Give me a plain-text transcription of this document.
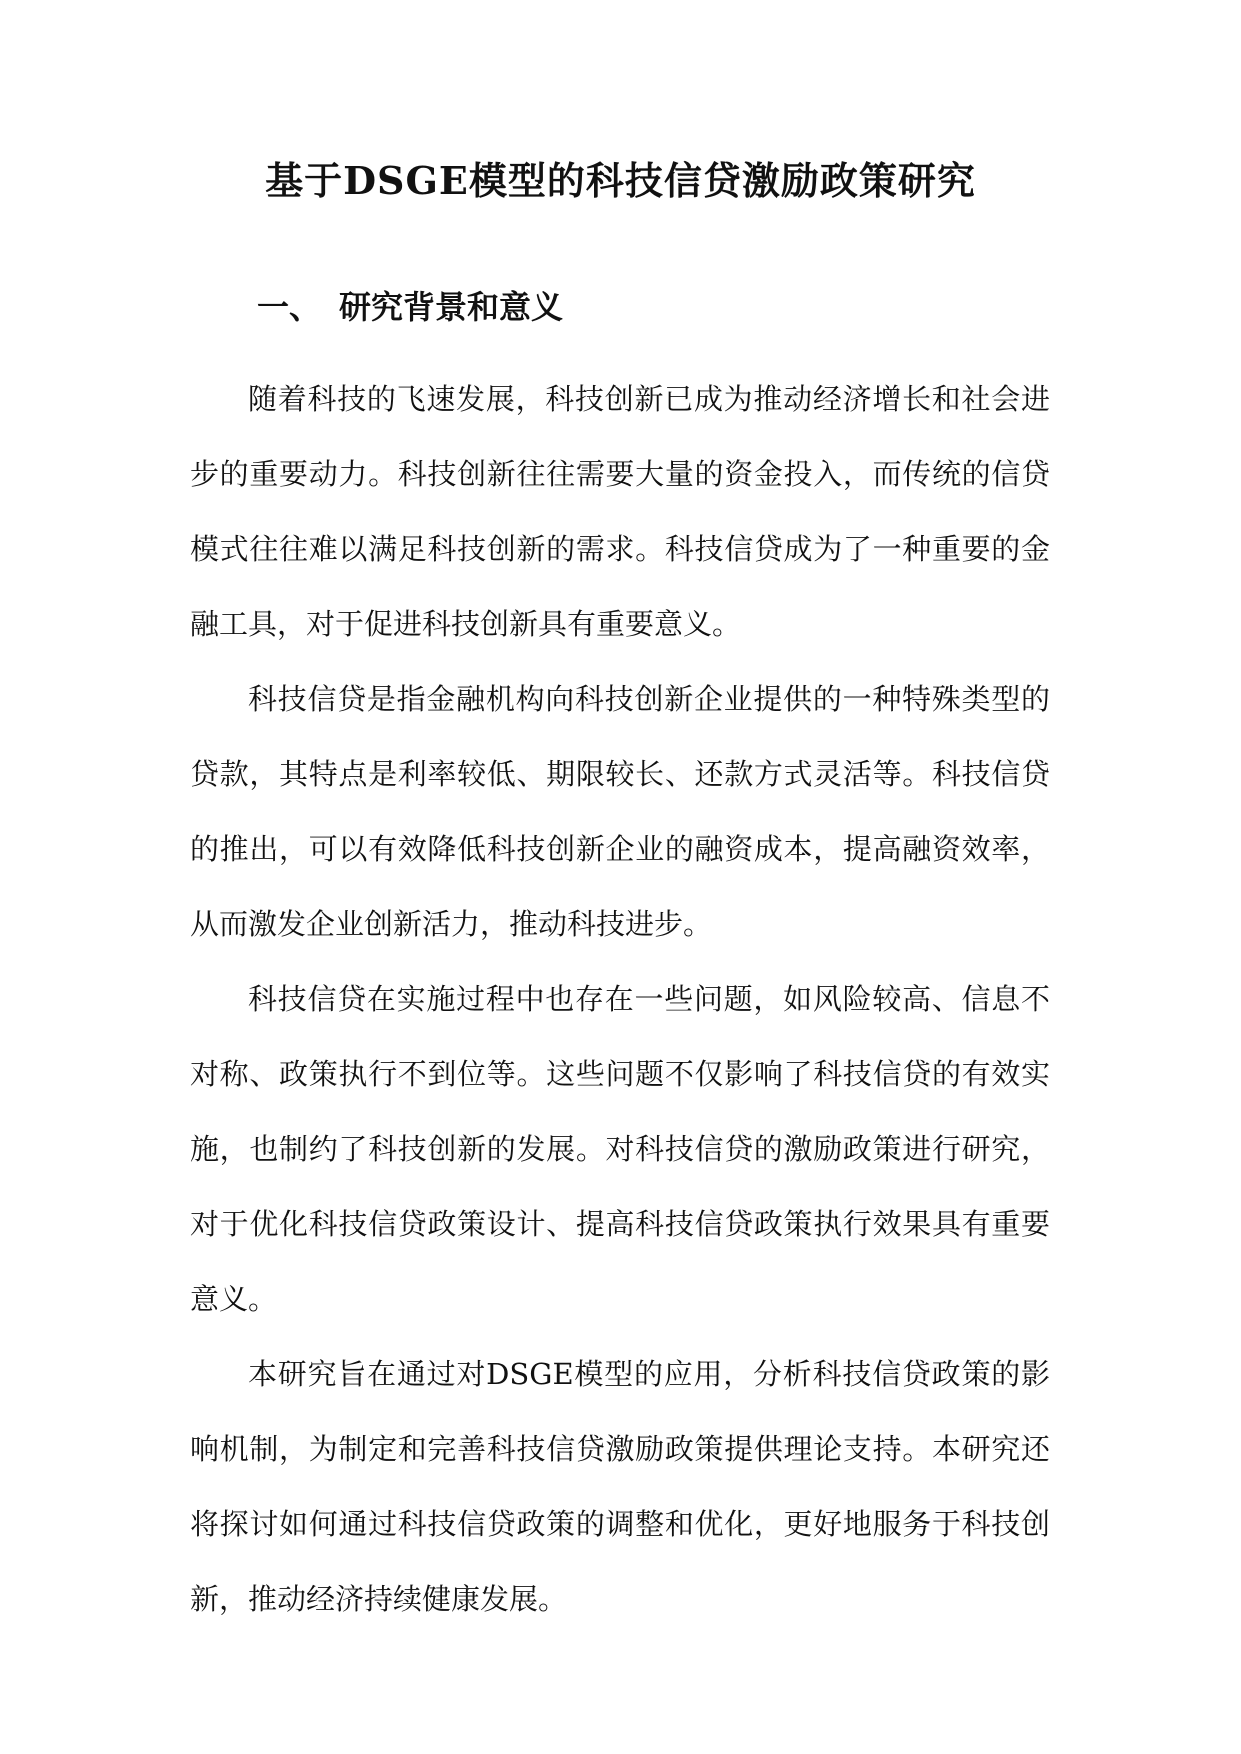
基于DSGE模型的科技信贷激励政策研究
一、 研究背景和意义

随着科技的飞速发展，科技创新已成为推动经济增长和社会进步的重要动力。科技创新往往需要大量的资金投入，而传统的信贷模式往往难以满足科技创新的需求。科技信贷成为了一种重要的金融工具，对于促进科技创新具有重要意义。

科技信贷是指金融机构向科技创新企业提供的一种特殊类型的贷款，其特点是利率较低、期限较长、还款方式灵活等。科技信贷的推出，可以有效降低科技创新企业的融资成本，提高融资效率，从而激发企业创新活力，推动科技进步。

科技信贷在实施过程中也存在一些问题，如风险较高、信息不对称、政策执行不到位等。这些问题不仅影响了科技信贷的有效实施，也制约了科技创新的发展。对科技信贷的激励政策进行研究，对于优化科技信贷政策设计、提高科技信贷政策执行效果具有重要意义。

本研究旨在通过对DSGE模型的应用，分析科技信贷政策的影响机制，为制定和完善科技信贷激励政策提供理论支持。本研究还将探讨如何通过科技信贷政策的调整和优化，更好地服务于科技创新，推动经济持续健康发展。
